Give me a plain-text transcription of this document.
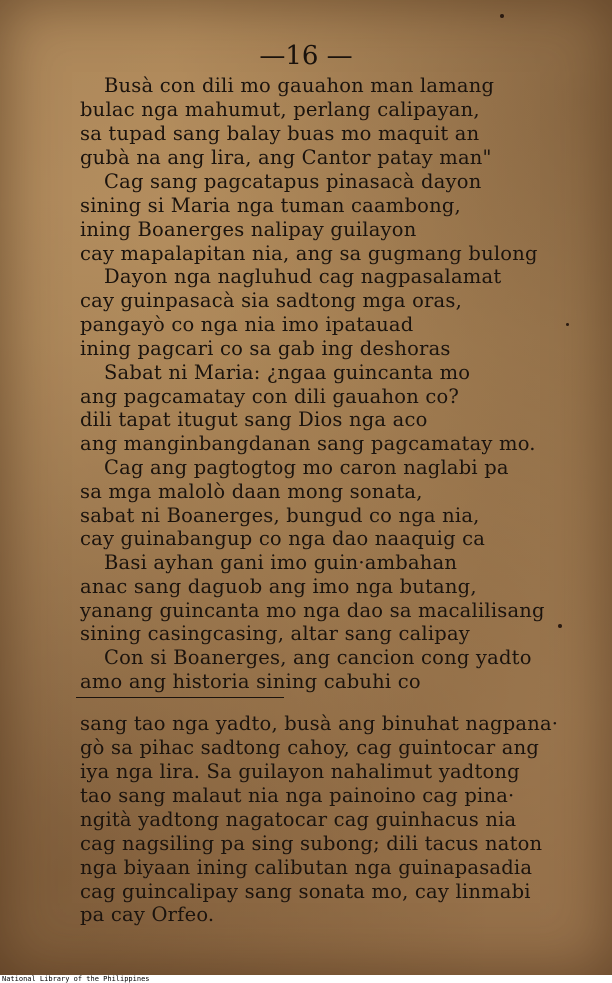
—16 —
Busà con dili mo gauahon man lamang
bulac nga mahumut, perlang calipayan,
sa tupad sang balay buas mo maquit an
gubà na ang lira, ang Cantor patay man"
Cag sang pagcatapus pinasacà dayon
sining si Maria nga tuman caambong,
ining Boanerges nalipay guilayon
cay mapalapitan nia, ang sa gugmang bulong
Dayon nga nagluhud cag nagpasalamat
cay guinpasacà sia sadtong mga oras,
pangayò co nga nia imo ipatauad
ining pagcari co sa gab ing deshoras
Sabat ni Maria: ¿ngaa guincanta mo
ang pagcamatay con dili gauahon co?
dili tapat itugut sang Dios nga aco
ang manginbangdanan sang pagcamatay mo.
Cag ang pagtogtog mo caron naglabi pa
sa mga malolò daan mong sonata,
sabat ni Boanerges, bungud co nga nia,
cay guinabangup co nga dao naaquig ca
Basi ayhan gani imo guin·ambahan
anac sang daguob ang imo nga butang,
yanang guincanta mo nga dao sa macalilisang
sining casingcasing, altar sang calipay
Con si Boanerges, ang cancion cong yadto
amo ang historia sining cabuhi co
sang tao nga yadto, busà ang binuhat nagpana·
gò sa pihac sadtong cahoy, cag guintocar ang
iya nga lira. Sa guilayon nahalimut yadtong
tao sang malaut nia nga painoino cag pina·
ngità yadtong nagatocar cag guinhacus nia
cag nagsiling pa sing subong; dili tacus naton
nga biyaan ining calibutan nga guinapasadia
cag guincalipay sang sonata mo, cay linmabi
pa cay Orfeo.
National Library of the Philippines
